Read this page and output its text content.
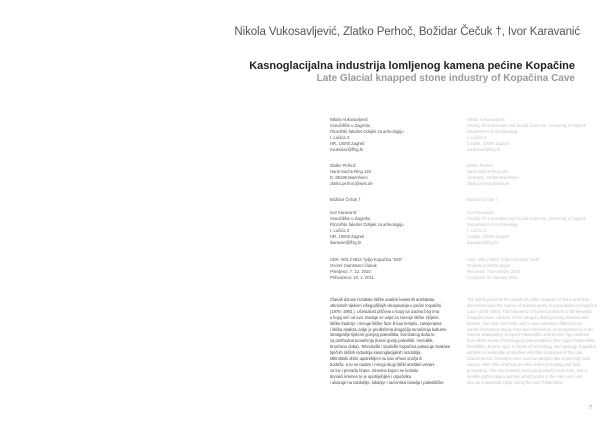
Nikola Vukosavljević, Zlatko Perhoč, Božidar Čečuk †, Ivor Karavanić
Kasnoglacijalna industrija lomljenog kamena pećine Kopačine
Late Glacial knapped stone industry of Kopačina Cave
Nikola Vukosavljević
Sveučilište u Zagrebu
Filozofski fakultet Odsjek za arheologiju
I. Lučića 3
HR, 10000 Zagreb
nvukosav@ffzg.hr
Zlatko Perhoč
Hans-Sachs-Ring 120
D, 68199 Mannheim
zlatko.perhoc@web.de
Božidar Čečuk †
Ivor Karavanić
Sveučilište u Zagrebu
Filozofski fakultet Odsjek za arheologiju
I. Lučića 3
HR, 10000 Zagreb
ikaravan@ffzg.hr
UDK: 903.2'4913 ?pilja Kopačina "626"
Izvorni znanstveni članak
Primljeno: 7. 12. 2010.
Prihvaćeno: 10. 1. 2011.
Nikola Vukosavljević
Faculty of Humanities and Social Sciences, University of Zagreb
Department of Archaeology
I. Lučića 3
Croatia, 10000 Zagreb
nvukosav@ffzg.hr
Zlatko Perhoč
Hans-Sachs-Ring 120
Germany, 68199 Mannheim
zlatko.perhoc@web.de
Božidar Čečuk †
Ivor Karavanić
Faculty of Humanities and Social Sciences, University of Zagreb
Department of Archaeology
I. Lučića 3
Croatia, 10000 Zagreb
ikaravan@ffzg.hr
UDC: 903.2'4913 ?pilja Kopačina "626"
Original scientific paper
Received: 7 December 2010
Accepted: 10 January 2011
Članak donosi rezultate litičke analize kamenih artefakata
otkrivenih tijekom višegodišnjih iskopavanja u pećini Kopačini
(1978.-1993.). Učestalost piščeva u kojoj na izaziva broj ima
u kojoj već od ova. Dodaje se uvjet za razvoje litičke zbijene,
litičke tradicije i mnoge litičke faze ili kao tempilo, zamijenjena
i litička analiza ovdje je predložena drugačija tumačenja kulturne
stratigrafije tijekom gornjeg paleolitika, brončanog doba te
za prethodna tumačenja (kasni gornji paleolitik, mezolitik,
brončano doba). Tehnološki i tipološki Kopačina pokazuje znakove
tipičnih litičkih industrija kasnoglacijalnih razdoblja.
Mikrolitski oblici upotrebljeni su kao vrhovi oružja ili
bodeža, a tu se nalaze i mnogi drugi litički artefakti vezani
za lov i preradu hrane. Sirovina kojom se koristio
domaći kremen te je upotrijebljen i otpočetka
i ukazuje na razdoblje, lokacije i sezonska naselja i paleolitičke.
The article presents the results of a lithic analysis of stone artefacts
discovered over the course of multiple years of excavations in Kopačina
Cave (1978-1993). The frequency of burned artefacts is still elevated.
Knapped stone consists of the category distinguishing features and
phases, that unite the hosts, and in raw material a different from
earlier distinctions stood, they were inferred as an interpretation of the
cultural stratigraphy, in Upper Palaeolithic and Bronze Age contexts,
from which earlier chronological interpretations (late Upper Palaeolithic,
Mesolithic, Bronze Age). In terms of technology and typology, Kopačina
exhibits considerable similarities with lithic industries of the Late
Glacial period. Microliths were used as weapon tips or piercing tools;
various other lithic artefacts are also linked to hunting and food
processing. The raw material used was primarily local chert, and a
smaller portion was imported, which points to the site's use over
time as a seasonal camp during the Late Palaeolithic.
7
